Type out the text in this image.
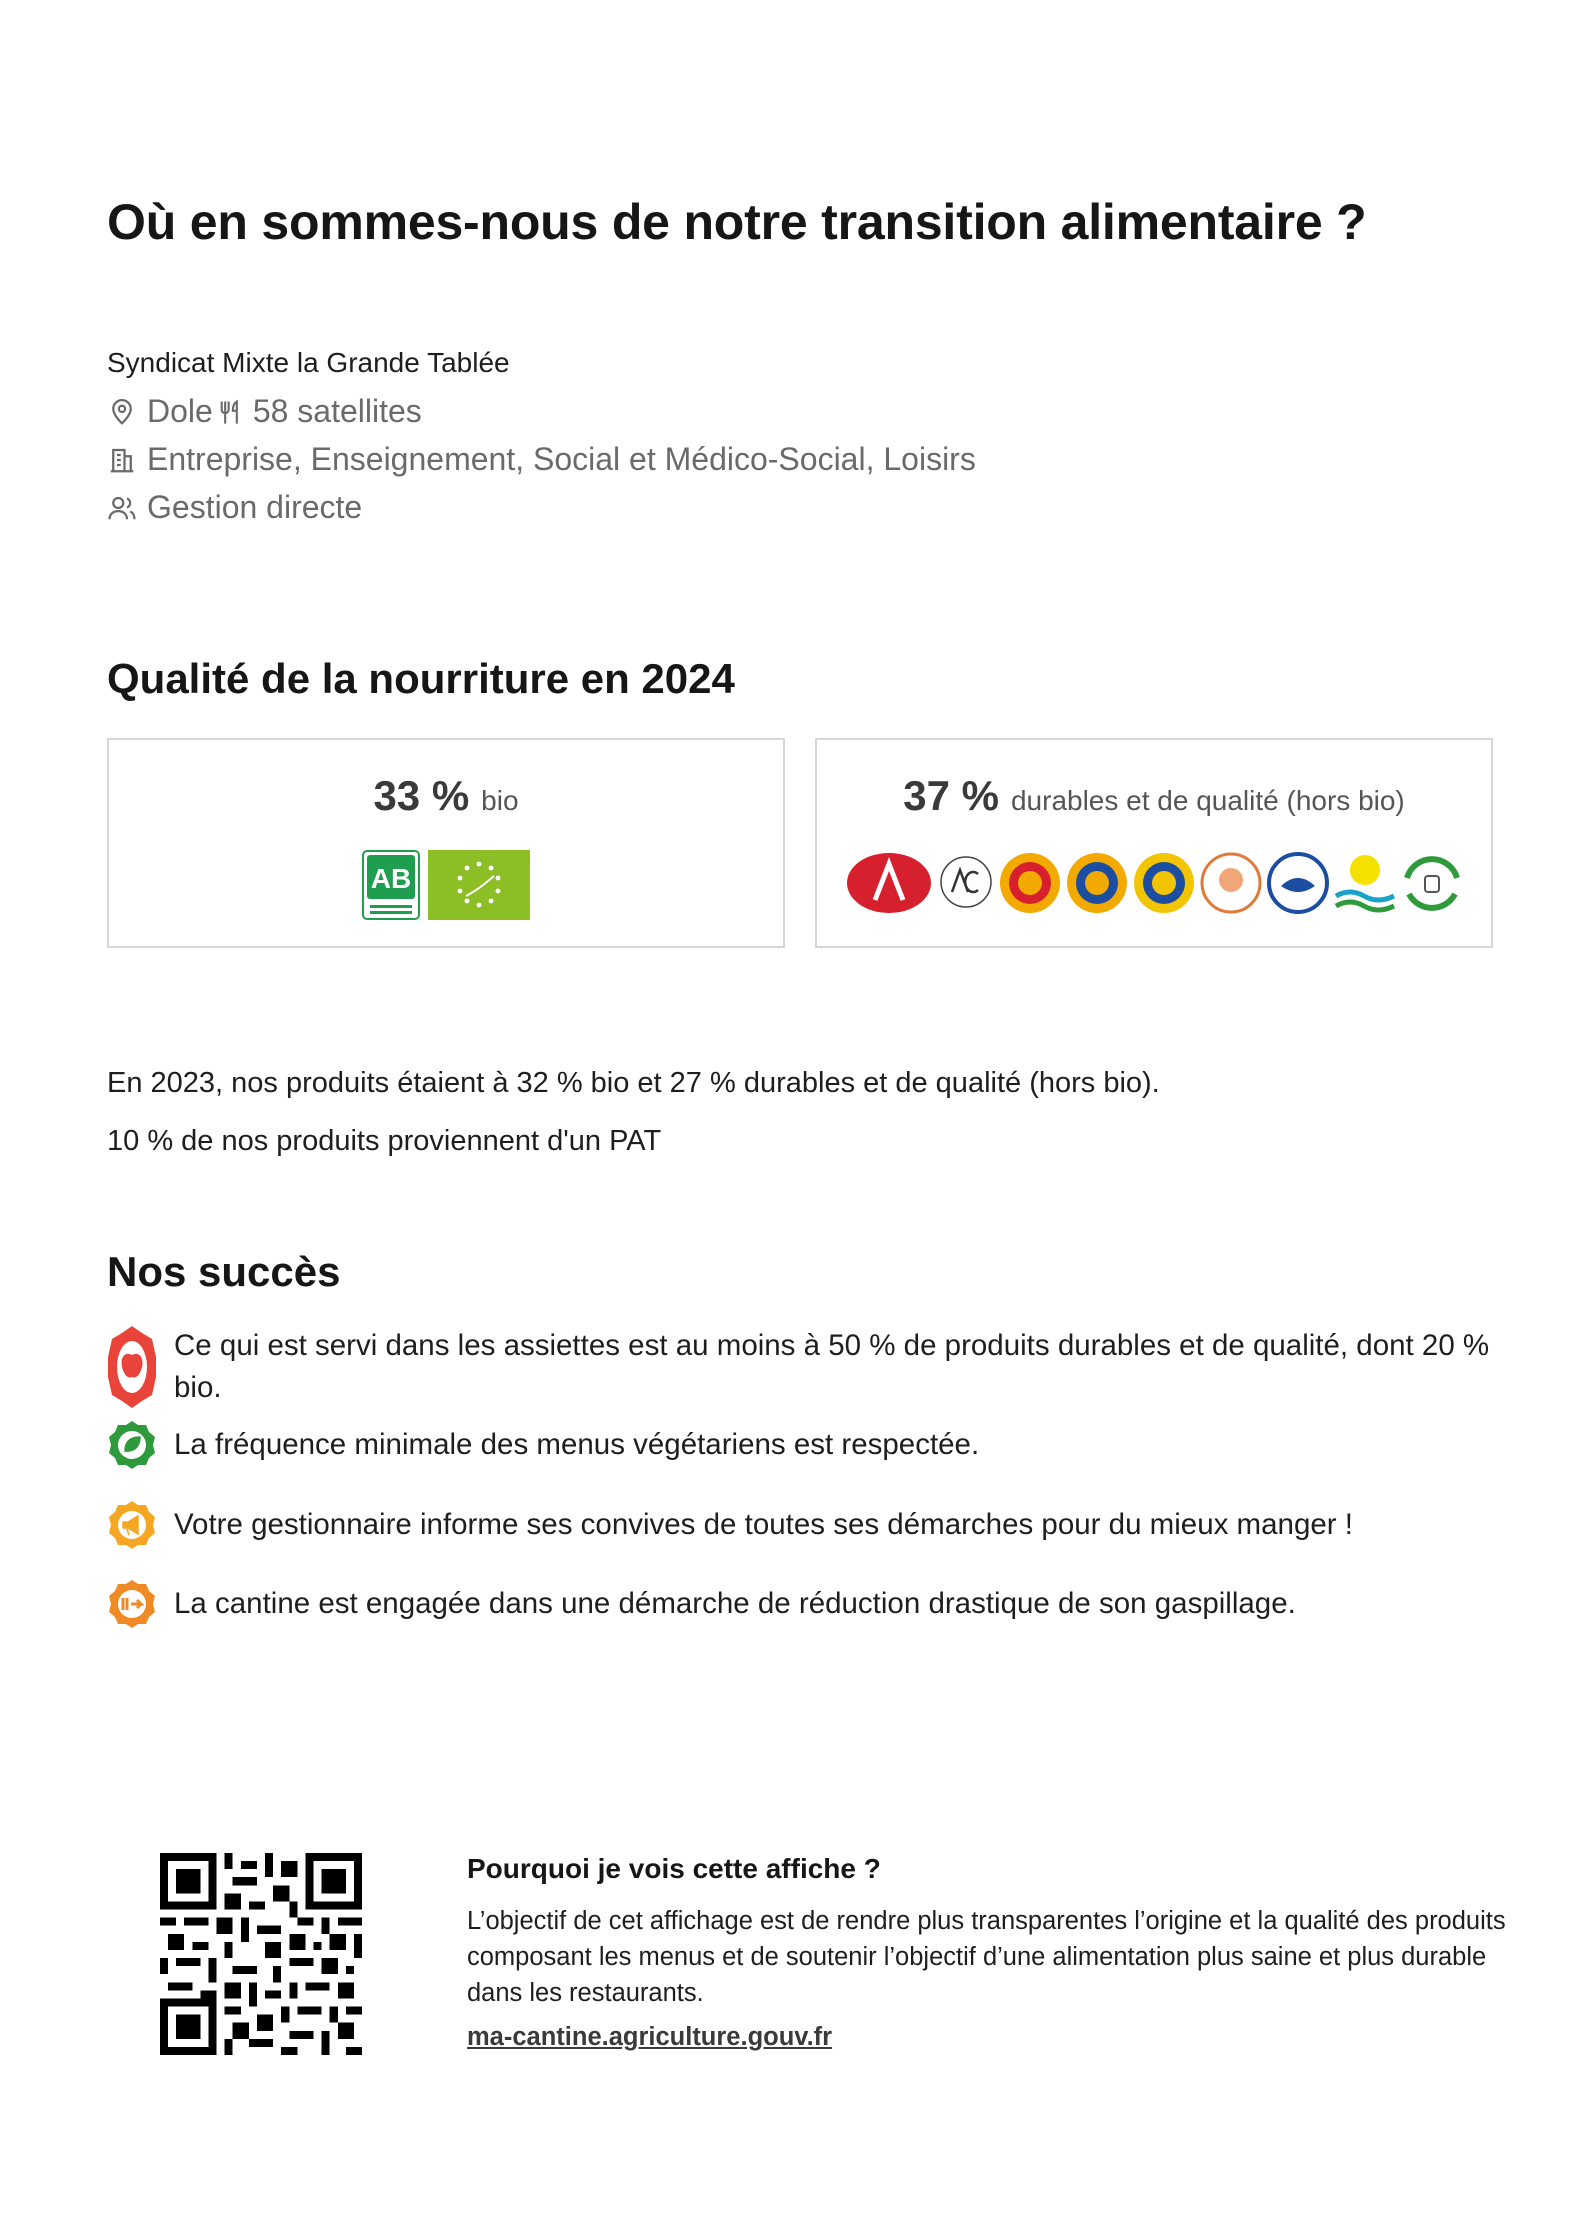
Où en sommes-nous de notre transition alimentaire ?
Syndicat Mixte la Grande Tablée
Dole 58 satellites
Entreprise, Enseignement, Social et Médico-Social, Loisirs
Gestion directe
Qualité de la nourriture en 2024
33 % bio
AB
37 % durables et de qualité (hors bio)
En 2023, nos produits étaient à 32 % bio et 27 % durables et de qualité (hors bio).
10 % de nos produits proviennent d'un PAT
Nos succès
Ce qui est servi dans les assiettes est au moins à 50 % de produits durables et de qualité, dont 20 % bio.
La fréquence minimale des menus végétariens est respectée.
Votre gestionnaire informe ses convives de toutes ses démarches pour du mieux manger !
La cantine est engagée dans une démarche de réduction drastique de son gaspillage.
Pourquoi je vois cette affiche ?
L’objectif de cet affichage est de rendre plus transparentes l’origine et la qualité des produits composant les menus et de soutenir l’objectif d’une alimentation plus saine et plus durable dans les restaurants.
ma-cantine.agriculture.gouv.fr
